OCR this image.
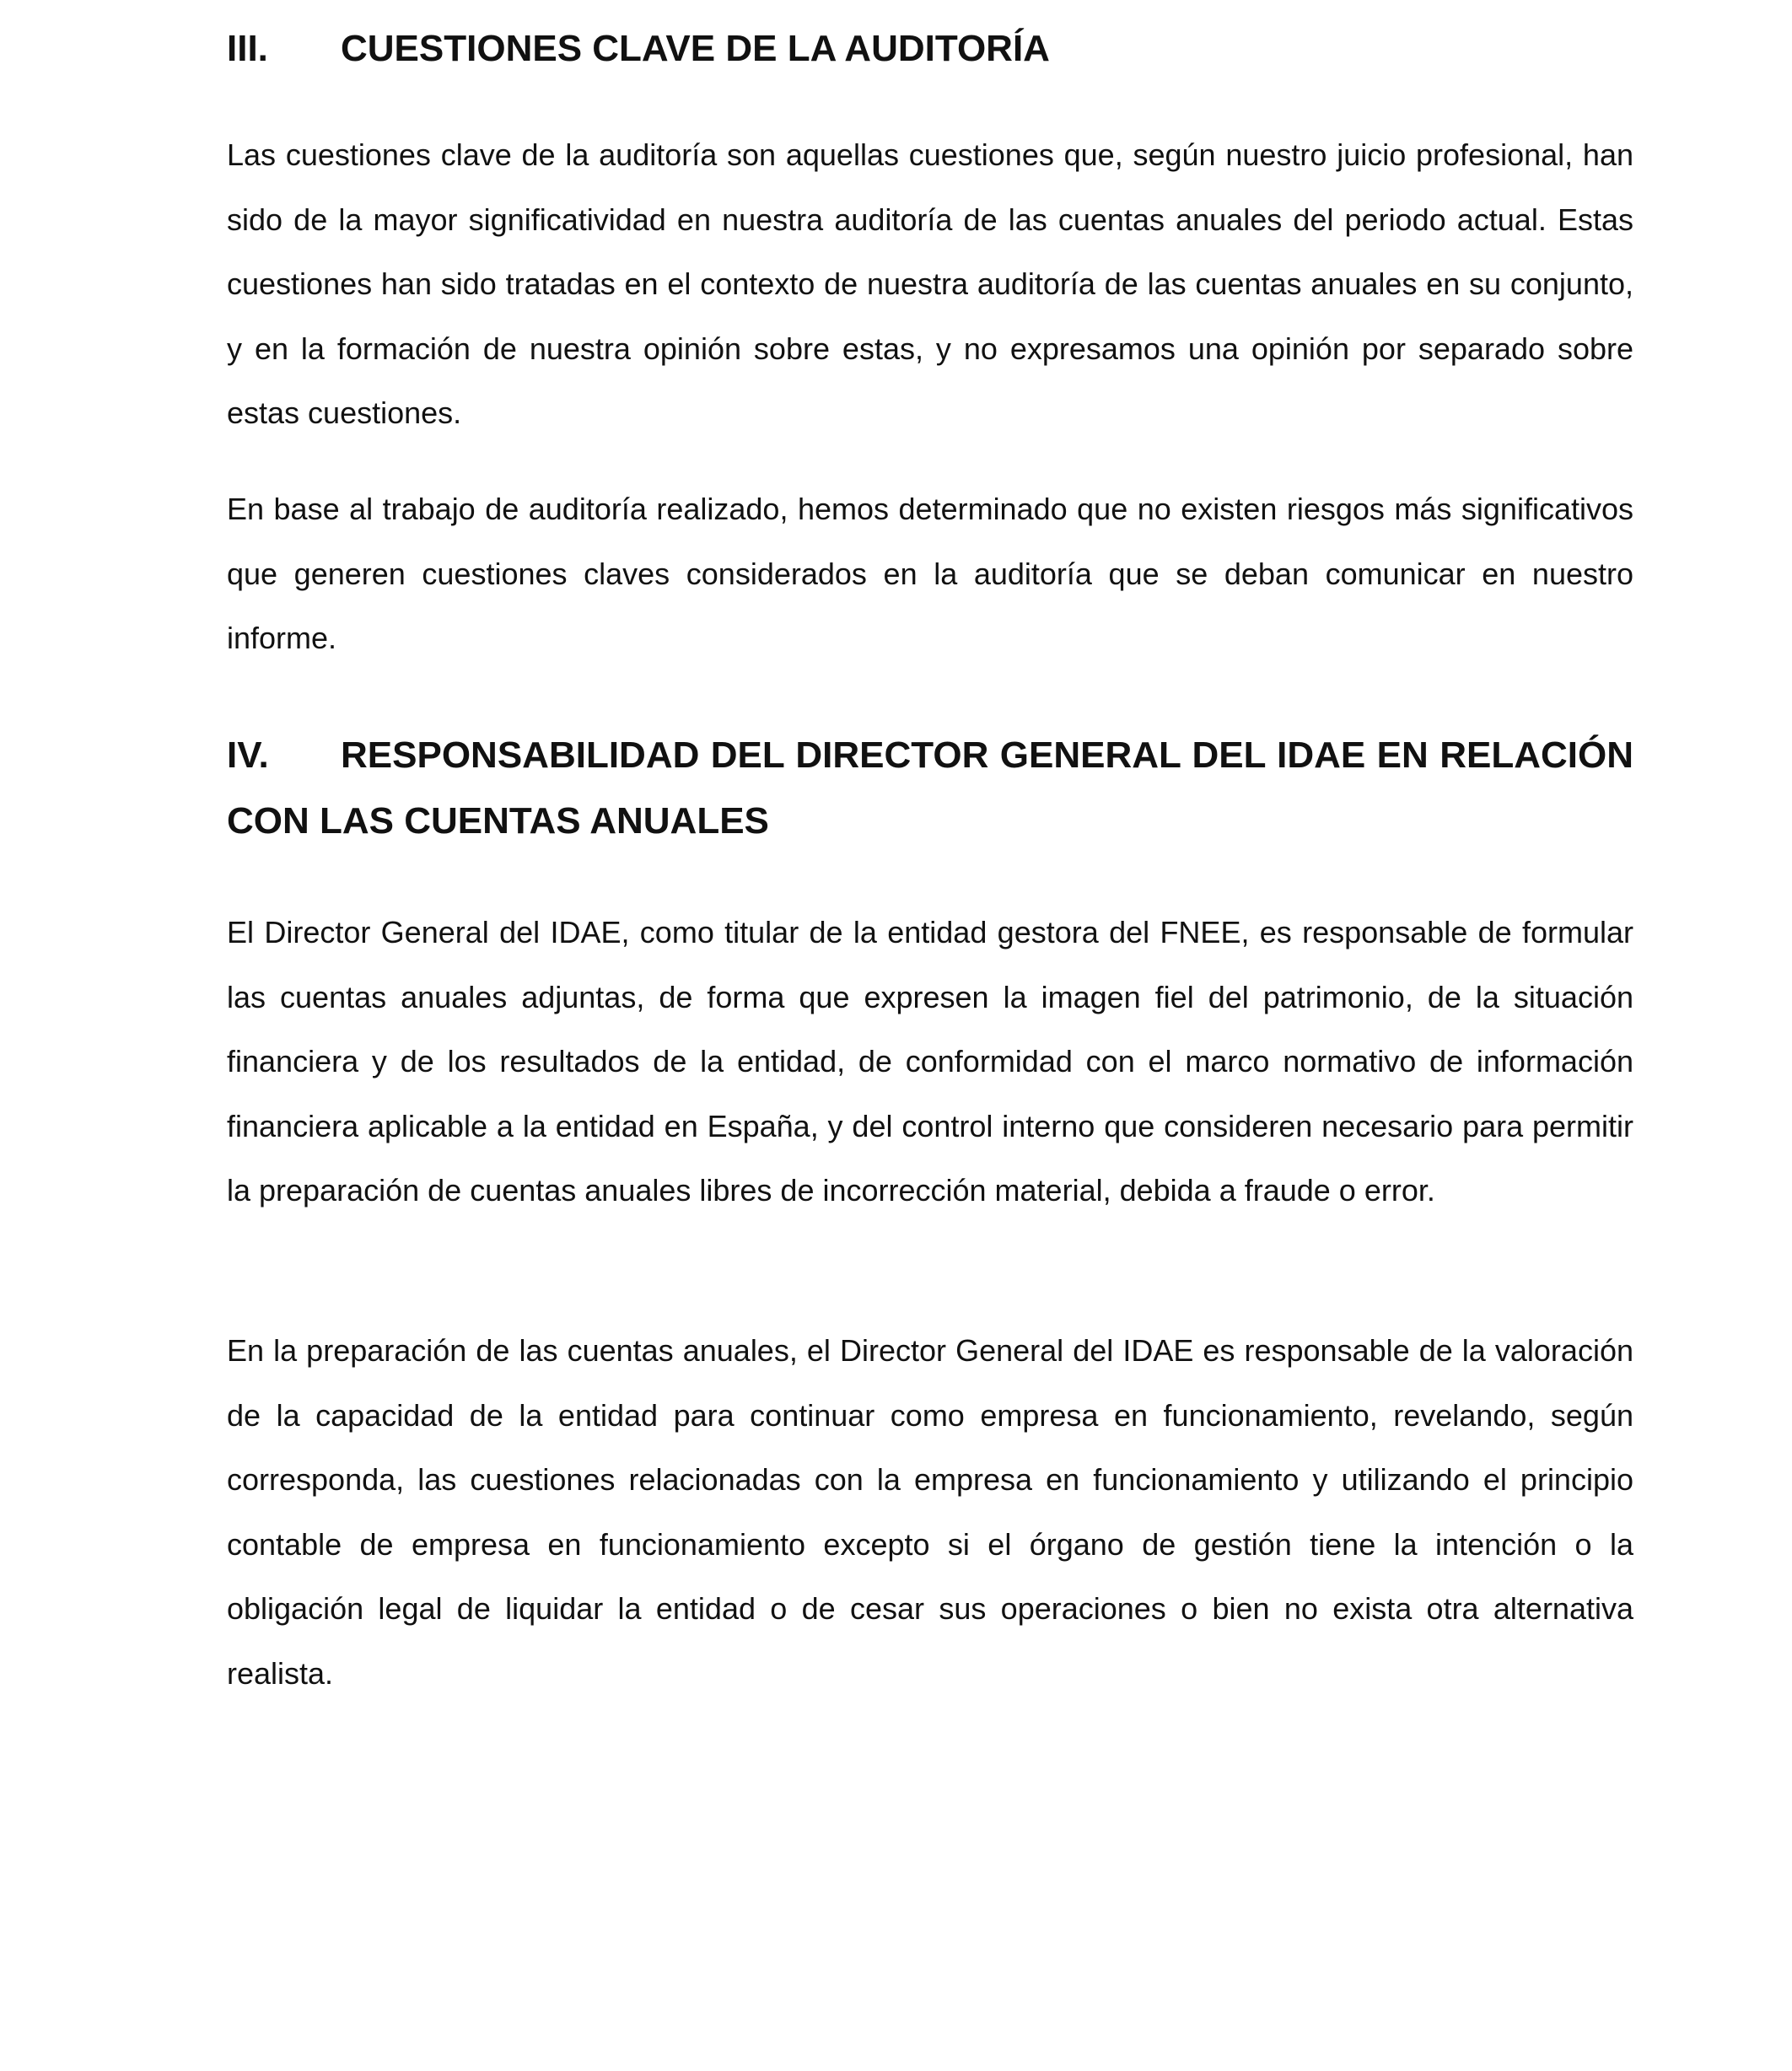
III.	CUESTIONES CLAVE DE LA AUDITORÍA

Las cuestiones clave de la auditoría son aquellas cuestiones que, según nuestro juicio profesional, han sido de la mayor significatividad en nuestra auditoría de las cuentas anuales del periodo actual. Estas cuestiones han sido tratadas en el contexto de nuestra auditoría de las cuentas anuales en su conjunto, y en la formación de nuestra opinión sobre estas, y no expresamos una opinión por separado sobre estas cuestiones.

En base al trabajo de auditoría realizado, hemos determinado que no existen riesgos más significativos que generen cuestiones claves considerados en la auditoría que se deban comunicar en nuestro informe.

IV.	RESPONSABILIDAD DEL DIRECTOR GENERAL DEL IDAE EN RELACIÓN
CON LAS CUENTAS ANUALES

El Director General del IDAE, como titular de la entidad gestora del FNEE, es responsable de formular las cuentas anuales adjuntas, de forma que expresen la imagen fiel del patrimonio, de la situación financiera y de los resultados de la entidad, de conformidad con el marco normativo de información financiera aplicable a la entidad en España, y del control interno que consideren necesario para permitir la preparación de cuentas anuales libres de incorrección material, debida a fraude o error.

En la preparación de las cuentas anuales, el Director General del IDAE es responsable de la valoración de la capacidad de la entidad para continuar como empresa en funcionamiento, revelando, según corresponda, las cuestiones relacionadas con la empresa en funcionamiento y utilizando el principio contable de empresa en funcionamiento excepto si el órgano de gestión tiene la intención o la obligación legal de liquidar la entidad o de cesar sus operaciones o bien no exista otra alternativa realista.
